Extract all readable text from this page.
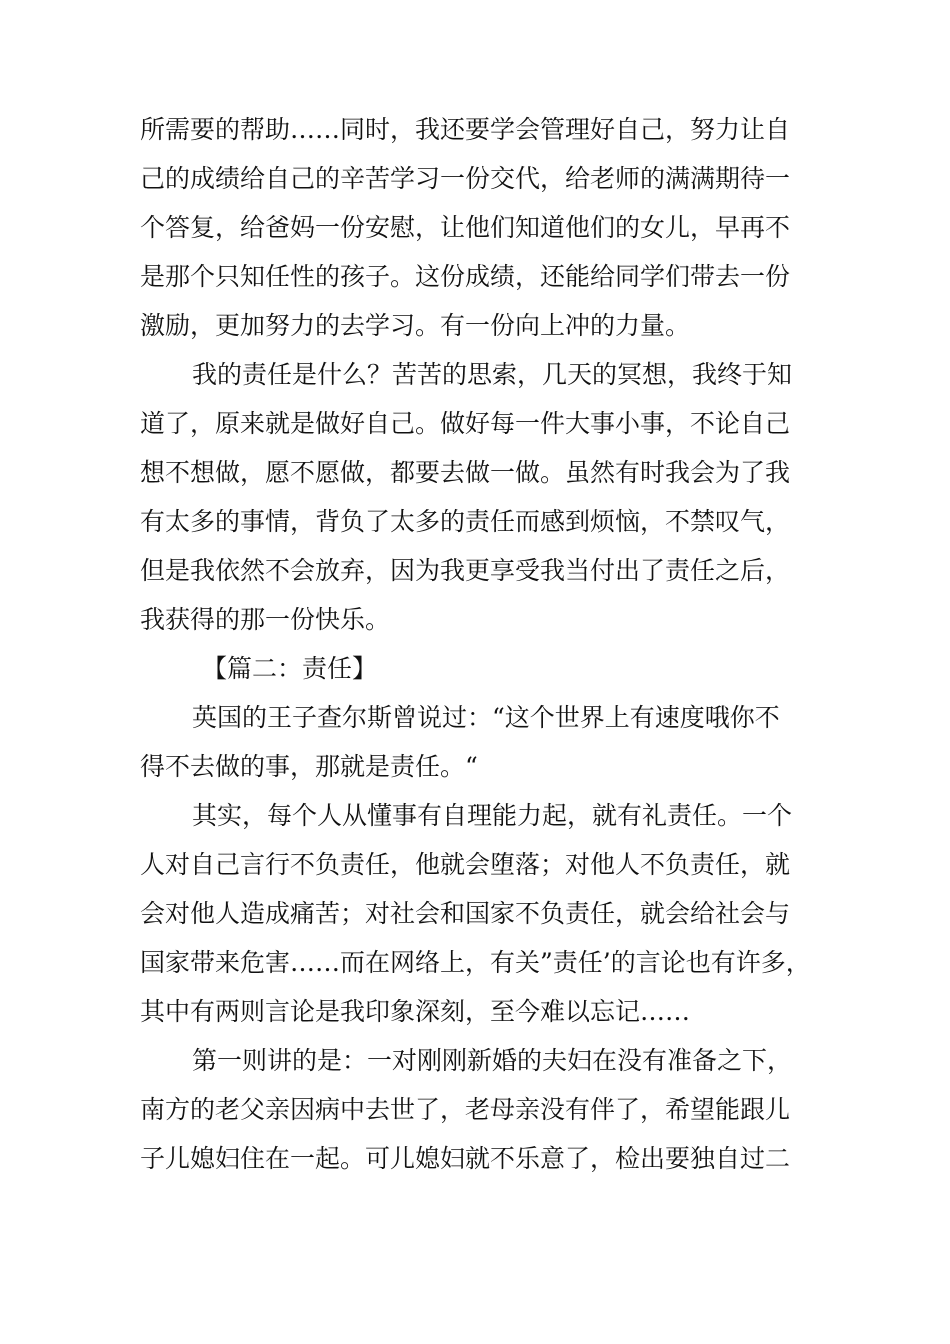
所需要的帮助……同时，我还要学会管理好自己，努力让自
己的成绩给自己的辛苦学习一份交代，给老师的满满期待一
个答复，给爸妈一份安慰，让他们知道他们的女儿，早再不
是那个只知任性的孩子。这份成绩，还能给同学们带去一份
激励，更加努力的去学习。有一份向上冲的力量。
我的责任是什么？苦苦的思索，几天的冥想，我终于知
道了，原来就是做好自己。做好每一件大事小事，不论自己
想不想做，愿不愿做，都要去做一做。虽然有时我会为了我
有太多的事情，背负了太多的责任而感到烦恼，不禁叹气，
但是我依然不会放弃，因为我更享受我当付出了责任之后，
我获得的那一份快乐。
【篇二：责任】
英国的王子查尔斯曾说过：“这个世界上有速度哦你不
得不去做的事，那就是责任。“
其实，每个人从懂事有自理能力起，就有礼责任。一个
人对自己言行不负责任，他就会堕落；对他人不负责任，就
会对他人造成痛苦；对社会和国家不负责任，就会给社会与
国家带来危害……而在网络上，有关”责任’的言论也有许多，
其中有两则言论是我印象深刻，至今难以忘记……
第一则讲的是：一对刚刚新婚的夫妇在没有准备之下，
南方的老父亲因病中去世了，老母亲没有伴了，希望能跟儿
子儿媳妇住在一起。可儿媳妇就不乐意了，检出要独自过二
